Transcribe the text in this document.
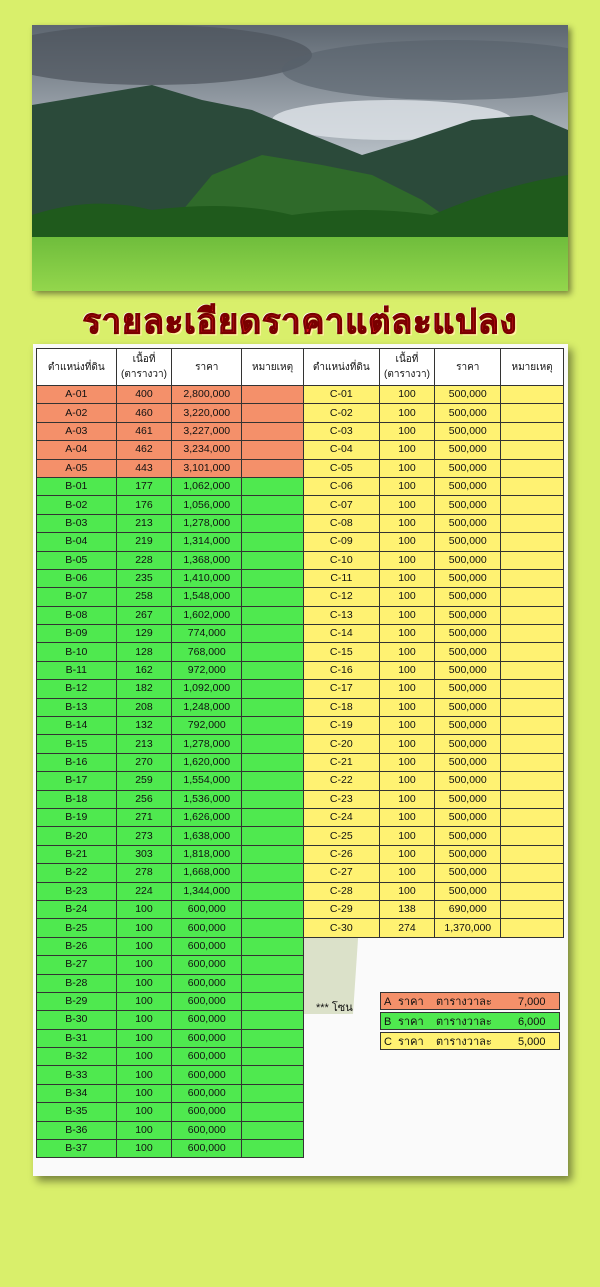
รายละเอียดราคาแต่ละแปลง
ตำแหน่งที่ดิน	เนื้อที่ (ตารางวา)	ราคา	หมายเหตุ
A-01	400	2,800,000	
A-02	460	3,220,000	
A-03	461	3,227,000	
A-04	462	3,234,000	
A-05	443	3,101,000	
B-01	177	1,062,000	
B-02	176	1,056,000	
B-03	213	1,278,000	
B-04	219	1,314,000	
B-05	228	1,368,000	
B-06	235	1,410,000	
B-07	258	1,548,000	
B-08	267	1,602,000	
B-09	129	774,000	
B-10	128	768,000	
B-11	162	972,000	
B-12	182	1,092,000	
B-13	208	1,248,000	
B-14	132	792,000	
B-15	213	1,278,000	
B-16	270	1,620,000	
B-17	259	1,554,000	
B-18	256	1,536,000	
B-19	271	1,626,000	
B-20	273	1,638,000	
B-21	303	1,818,000	
B-22	278	1,668,000	
B-23	224	1,344,000	
B-24	100	600,000	
B-25	100	600,000	
B-26	100	600,000	
B-27	100	600,000	
B-28	100	600,000	
B-29	100	600,000	
B-30	100	600,000	
B-31	100	600,000	
B-32	100	600,000	
B-33	100	600,000	
B-34	100	600,000	
B-35	100	600,000	
B-36	100	600,000	
B-37	100	600,000	
ตำแหน่งที่ดิน	เนื้อที่ (ตารางวา)	ราคา	หมายเหตุ
C-01	100	500,000	
C-02	100	500,000	
C-03	100	500,000	
C-04	100	500,000	
C-05	100	500,000	
C-06	100	500,000	
C-07	100	500,000	
C-08	100	500,000	
C-09	100	500,000	
C-10	100	500,000	
C-11	100	500,000	
C-12	100	500,000	
C-13	100	500,000	
C-14	100	500,000	
C-15	100	500,000	
C-16	100	500,000	
C-17	100	500,000	
C-18	100	500,000	
C-19	100	500,000	
C-20	100	500,000	
C-21	100	500,000	
C-22	100	500,000	
C-23	100	500,000	
C-24	100	500,000	
C-25	100	500,000	
C-26	100	500,000	
C-27	100	500,000	
C-28	100	500,000	
C-29	138	690,000	
C-30	274	1,370,000	
*** โซน	A ราคา ตารางวาละ 7,000
B ราคา ตารางวาละ 6,000
C ราคา ตารางวาละ 5,000
